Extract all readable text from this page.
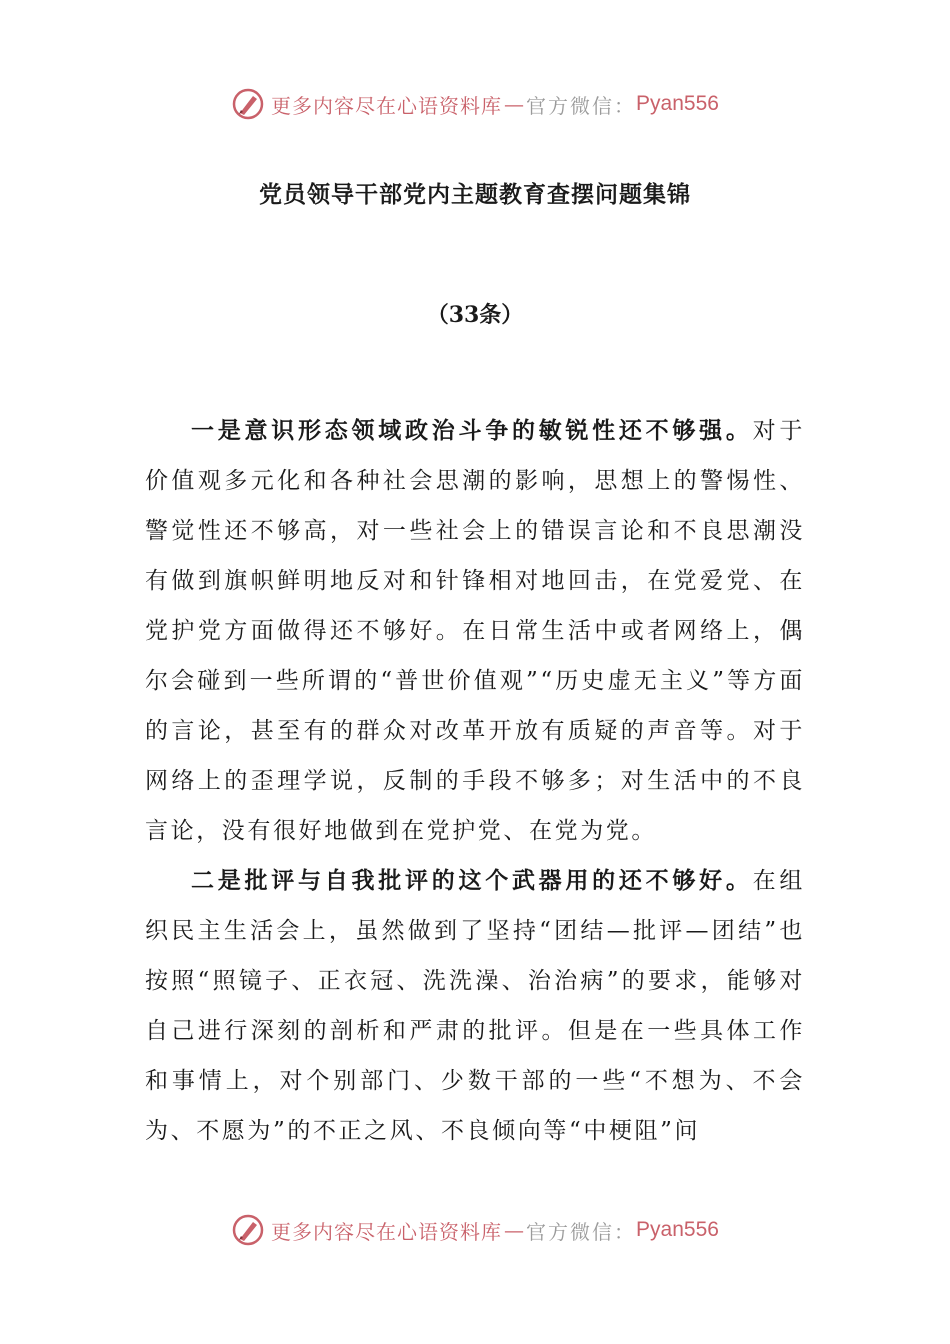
更多内容尽在心语资料库 — 官方微信： Pyan556
党员领导干部党内主题教育查摆问题集锦
（33条）

一是意识形态领域政治斗争的敏锐性还不够强。对于价值观多元化和各种社会思潮的影响，思想上的警惕性、警觉性还不够高，对一些社会上的错误言论和不良思潮没有做到旗帜鲜明地反对和针锋相对地回击，在党爱党、在党护党方面做得还不够好。在日常生活中或者网络上，偶尔会碰到一些所谓的“普世价值观”“历史虚无主义”等方面的言论，甚至有的群众对改革开放有质疑的声音等。对于网络上的歪理学说，反制的手段不够多；对生活中的不良言论，没有很好地做到在党护党、在党为党。

二是批评与自我批评的这个武器用的还不够好。在组织民主生活会上，虽然做到了坚持“团结—批评—团结”也按照“照镜子、正衣冠、洗洗澡、治治病”的要求，能够对自己进行深刻的剖析和严肃的批评。但是在一些具体工作和事情上，对个别部门、少数干部的一些“不想为、不会为、不愿为”的不正之风、不良倾向等“中梗阻”问

更多内容尽在心语资料库 — 官方微信： Pyan556
